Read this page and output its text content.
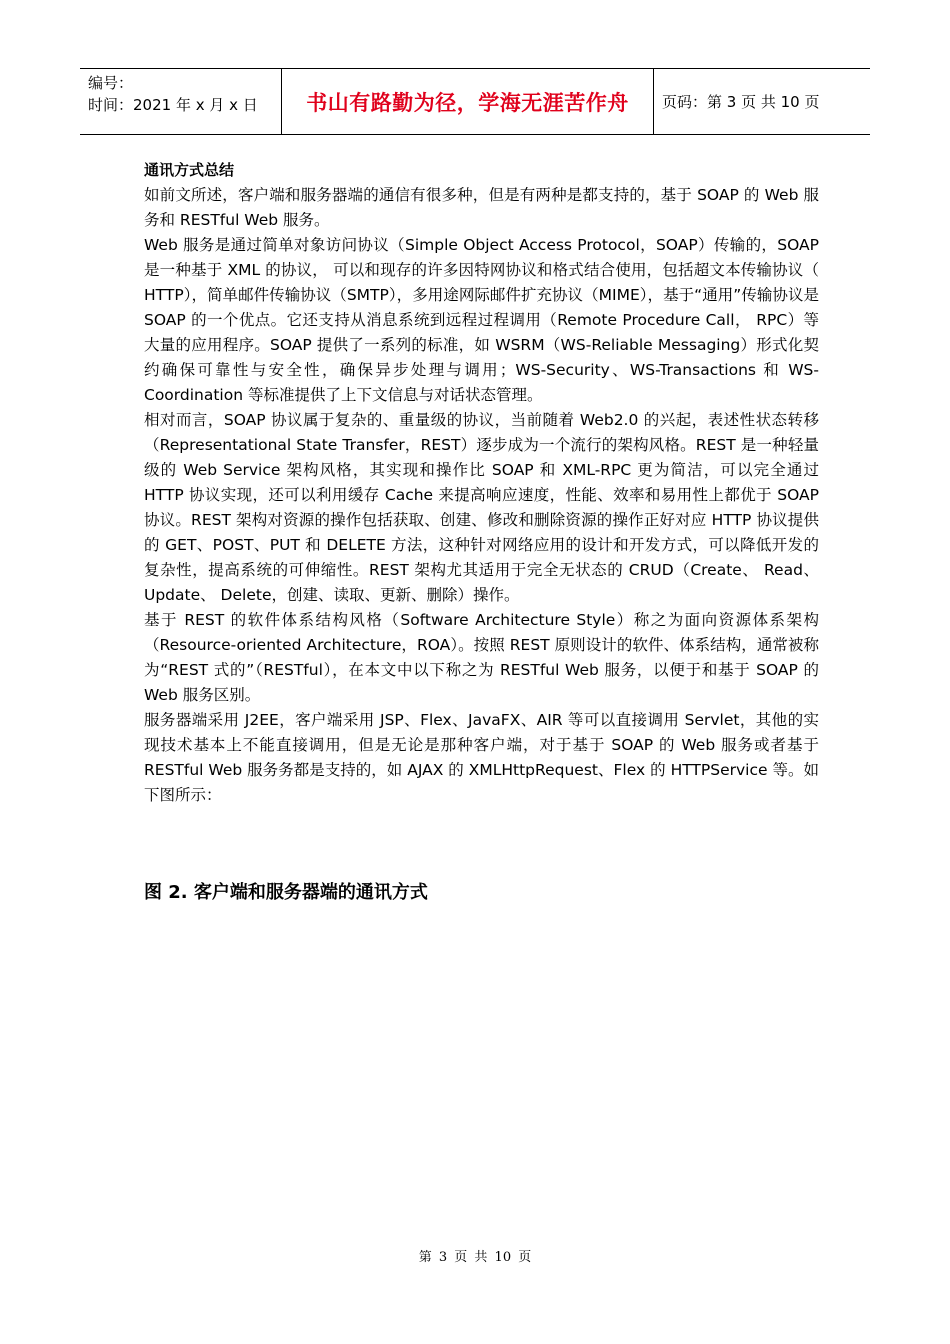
编号：
时间：2021 年 x 月 x 日	书山有路勤为径，学海无涯苦作舟	页码：第 3 页 共 10 页
通讯方式总结

如前文所述，客户端和服务器端的通信有很多种，但是有两种是都支持的，基于 SOAP 的 Web 服务和 RESTful Web 服务。

Web 服务是通过简单对象访问协议（Simple Object Access Protocol，SOAP）传输的，SOAP 是一种基于 XML 的协议， 可以和现存的许多因特网协议和格式结合使用，包括超文本传输协议（ HTTP），简单邮件传输协议（SMTP），多用途网际邮件扩充协议（MIME），基于“通用”传输协议是 SOAP 的一个优点。它还支持从消息系统到远程过程调用（Remote Procedure Call， RPC）等大量的应用程序。SOAP 提供了一系列的标准，如 WSRM（WS-Reliable Messaging）形式化契约确保可靠性与安全性，确保异步处理与调用；WS-Security、WS-Transactions 和 WS-Coordination 等标准提供了上下文信息与对话状态管理。

相对而言，SOAP 协议属于复杂的、重量级的协议，当前随着 Web2.0 的兴起，表述性状态转移（Representational State Transfer，REST）逐步成为一个流行的架构风格。REST 是一种轻量级的 Web Service 架构风格，其实现和操作比 SOAP 和 XML-RPC 更为简洁，可以完全通过 HTTP 协议实现，还可以利用缓存 Cache 来提高响应速度，性能、效率和易用性上都优于 SOAP 协议。REST 架构对资源的操作包括获取、创建、修改和删除资源的操作正好对应 HTTP 协议提供的 GET、POST、PUT 和 DELETE 方法，这种针对网络应用的设计和开发方式，可以降低开发的复杂性，提高系统的可伸缩性。REST 架构尤其适用于完全无状态的 CRUD（Create、 Read、 Update、 Delete，创建、读取、更新、删除）操作。

基于 REST 的软件体系结构风格（Software Architecture Style）称之为面向资源体系架构（Resource-oriented Architecture，ROA）。按照 REST 原则设计的软件、体系结构，通常被称为“REST 式的”（RESTful），在本文中以下称之为 RESTful Web 服务，以便于和基于 SOAP 的 Web 服务区别。

服务器端采用 J2EE，客户端采用 JSP、Flex、JavaFX、AIR 等可以直接调用 Servlet，其他的实现技术基本上不能直接调用，但是无论是那种客户端，对于基于 SOAP 的 Web 服务或者基于 RESTful Web 服务务都是支持的，如 AJAX 的 XMLHttpRequest、Flex 的 HTTPService 等。如下图所示：

图 2. 客户端和服务器端的通讯方式
第 3 页 共 10 页
